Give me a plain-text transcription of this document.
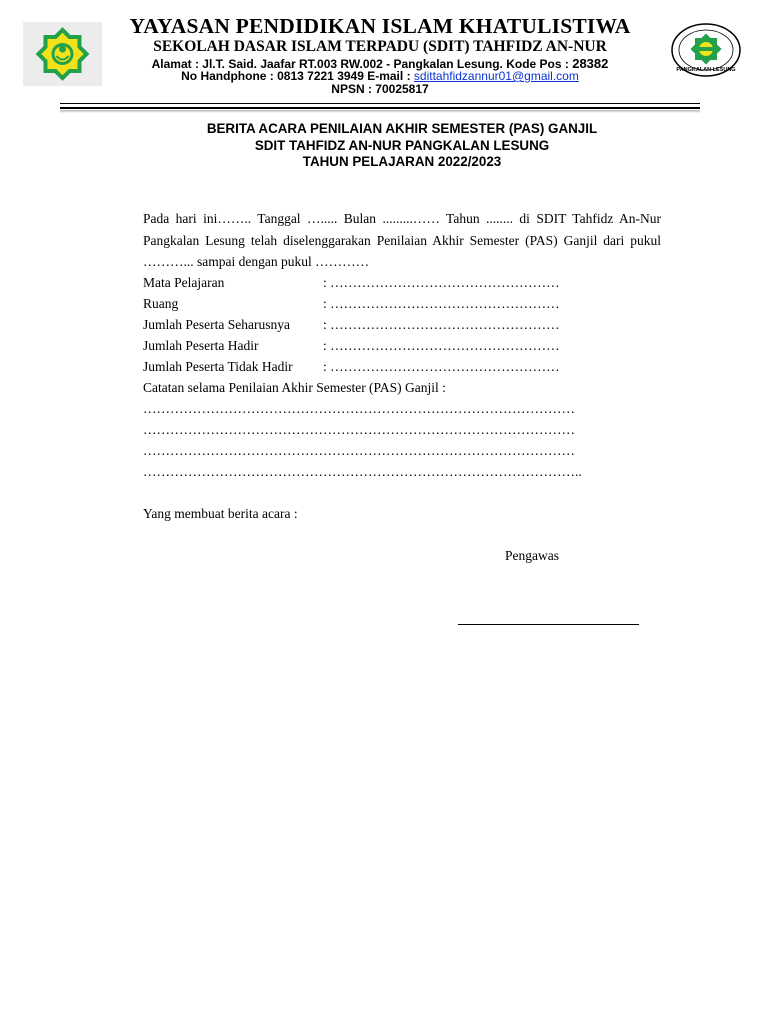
PANGKALAN LESUNG
YAYASAN PENDIDIKAN ISLAM KHATULISTIWA
SEKOLAH DASAR ISLAM TERPADU (SDIT) TAHFIDZ AN-NUR
Alamat : Jl.T. Said. Jaafar RT.003 RW.002 - Pangkalan Lesung. Kode Pos : 28382
No Handphone : 0813 7221 3949 E-mail : sdittahfidzannur01@gmail.com
NPSN : 70025817
BERITA ACARA PENILAIAN AKHIR SEMESTER (PAS) GANJIL
SDIT TAHFIDZ AN-NUR PANGKALAN LESUNG
TAHUN PELAJARAN 2022/2023
Pada hari ini…….. Tanggal …..... Bulan .........…… Tahun ........ di SDIT Tahfidz An-Nur Pangkalan Lesung telah diselenggarakan Penilaian Akhir Semester (PAS) Ganjil dari pukul ………... sampai dengan pukul …………
Mata Pelajaran	: ……………………………………………
Ruang	: ……………………………………………
Jumlah Peserta Seharusnya : ……………………………………………
Jumlah Peserta Hadir	: ……………………………………………
Jumlah Peserta Tidak Hadir : ……………………………………………
Catatan selama Penilaian Akhir Semester (PAS) Ganjil :
……………………………………………………………………………………
……………………………………………………………………………………
……………………………………………………………………………………
……………………………………………………………………………………..
Yang membuat berita acara :
Pengawas
